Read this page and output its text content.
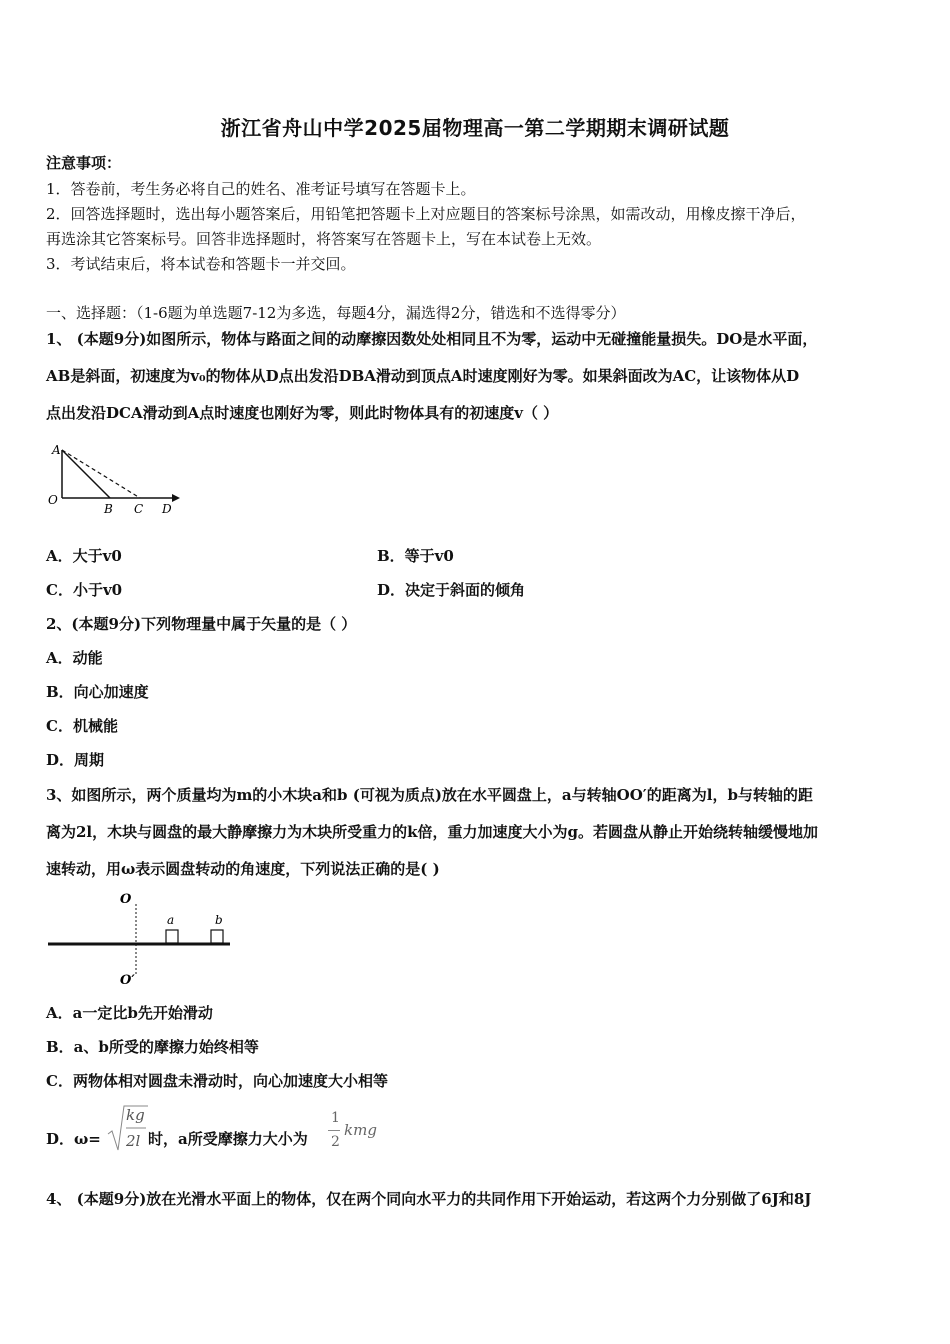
浙江省舟山中学2025届物理高一第二学期期末调研试题
注意事项：
1．答卷前，考生务必将自己的姓名、准考证号填写在答题卡上。
2．回答选择题时，选出每小题答案后，用铅笔把答题卡上对应题目的答案标号涂黑，如需改动，用橡皮擦干净后，
再选涂其它答案标号。回答非选择题时，将答案写在答题卡上，写在本试卷上无效。
3．考试结束后，将本试卷和答题卡一并交回。
一、选择题：（1-6题为单选题7-12为多选，每题4分，漏选得2分，错选和不选得零分）
1、 (本题9分)如图所示，物体与路面之间的动摩擦因数处处相同且不为零，运动中无碰撞能量损失。DO是水平面，
AB是斜面，初速度为v₀的物体从D点出发沿DBA滑动到顶点A时速度刚好为零。如果斜面改为AC，让该物体从D
点出发沿DCA滑动到A点时速度也刚好为零，则此时物体具有的初速度v（ ）
A
O
B C D
A．大于v0	B．等于v0
C．小于v0	D．决定于斜面的倾角
2、(本题9分)下列物理量中属于矢量的是（ ）
A．动能
B．向心加速度
C．机械能
D．周期
3、如图所示，两个质量均为m的小木块a和b (可视为质点)放在水平圆盘上，a与转轴OO′的距离为l，b与转轴的距
离为2l，木块与圆盘的最大静摩擦力为木块所受重力的k倍，重力加速度大小为g。若圆盘从静止开始绕转轴缓慢地加
速转动，用ω表示圆盘转动的角速度，下列说法正确的是( )
O
a	b
O′
A．a一定比b先开始滑动
B．a、b所受的摩擦力始终相等
C．两物体相对圆盘未滑动时，向心加速度大小相等
D．ω=
kg
2l 时，a所受摩擦力大小为
1
2
kmg
4、 (本题9分)放在光滑水平面上的物体，仅在两个同向水平力的共同作用下开始运动，若这两个力分别做了6J和8J
